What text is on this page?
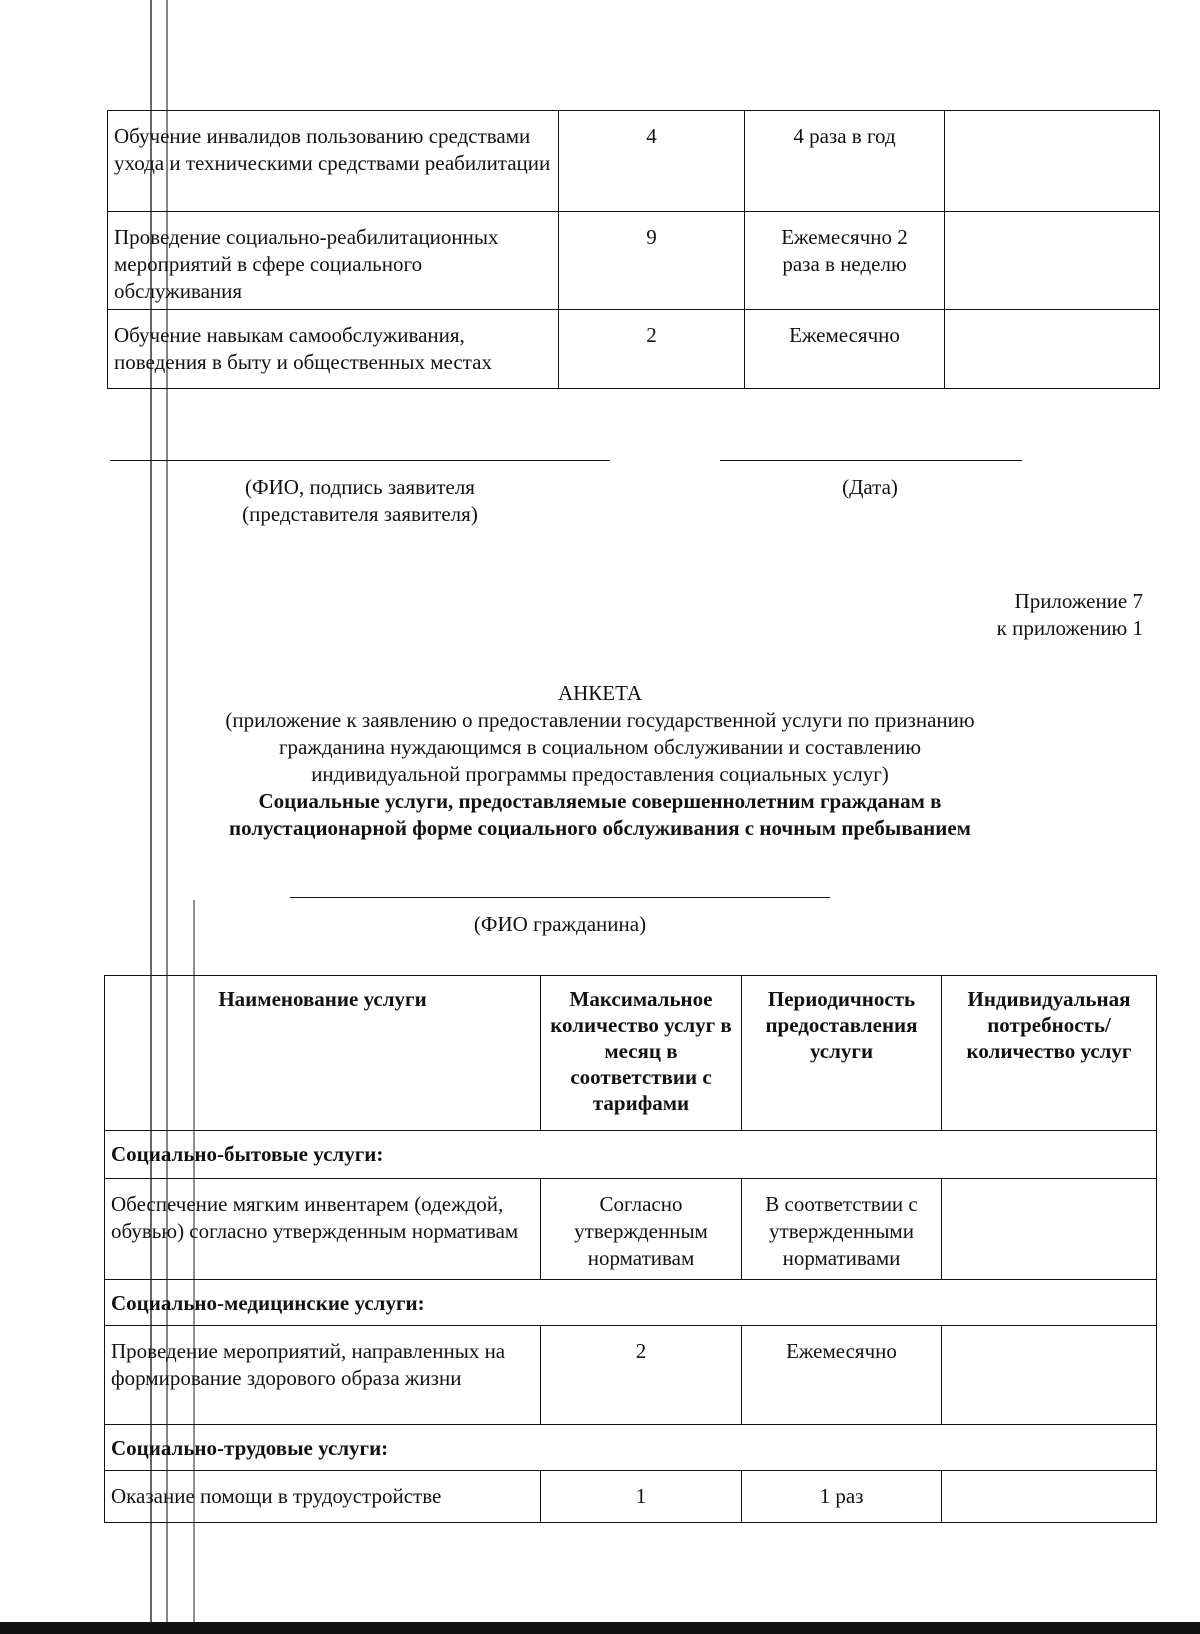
Обучение инвалидов пользованию средствами ухода и техническими средствами реабилитации	4	4 раза в год	
Проведение социально-реабилитационных мероприятий в сфере социального обслуживания	9	Ежемесячно 2 раза в неделю	
Обучение навыкам самообслуживания, поведения в быту и общественных местах	2	Ежемесячно	
(ФИО, подпись заявителя
(представителя заявителя)
(Дата)
Приложение 7
к приложению 1
АНКЕТА
(приложение к заявлению о предоставлении государственной услуги по признанию
гражданина нуждающимся в социальном обслуживании и составлению
индивидуальной программы предоставления социальных услуг)
Социальные услуги, предоставляемые совершеннолетним гражданам в
полустационарной форме социального обслуживания с ночным пребыванием
(ФИО гражданина)
Наименование услуги	Максимальное количество услуг в месяц в соответствии с тарифами	Периодичность предоставления услуги	Индивидуальная потребность/ количество услуг
Социально-бытовые услуги:			
Обеспечение мягким инвентарем (одеждой, обувью) согласно утвержденным нормативам	Согласно утвержденным нормативам	В соответствии с утвержденными нормативами	
Социально-медицинские услуги:			
Проведение мероприятий, направленных на формирование здорового образа жизни	2	Ежемесячно	
Социально-трудовые услуги:			
Оказание помощи в трудоустройстве	1	1 раз	
